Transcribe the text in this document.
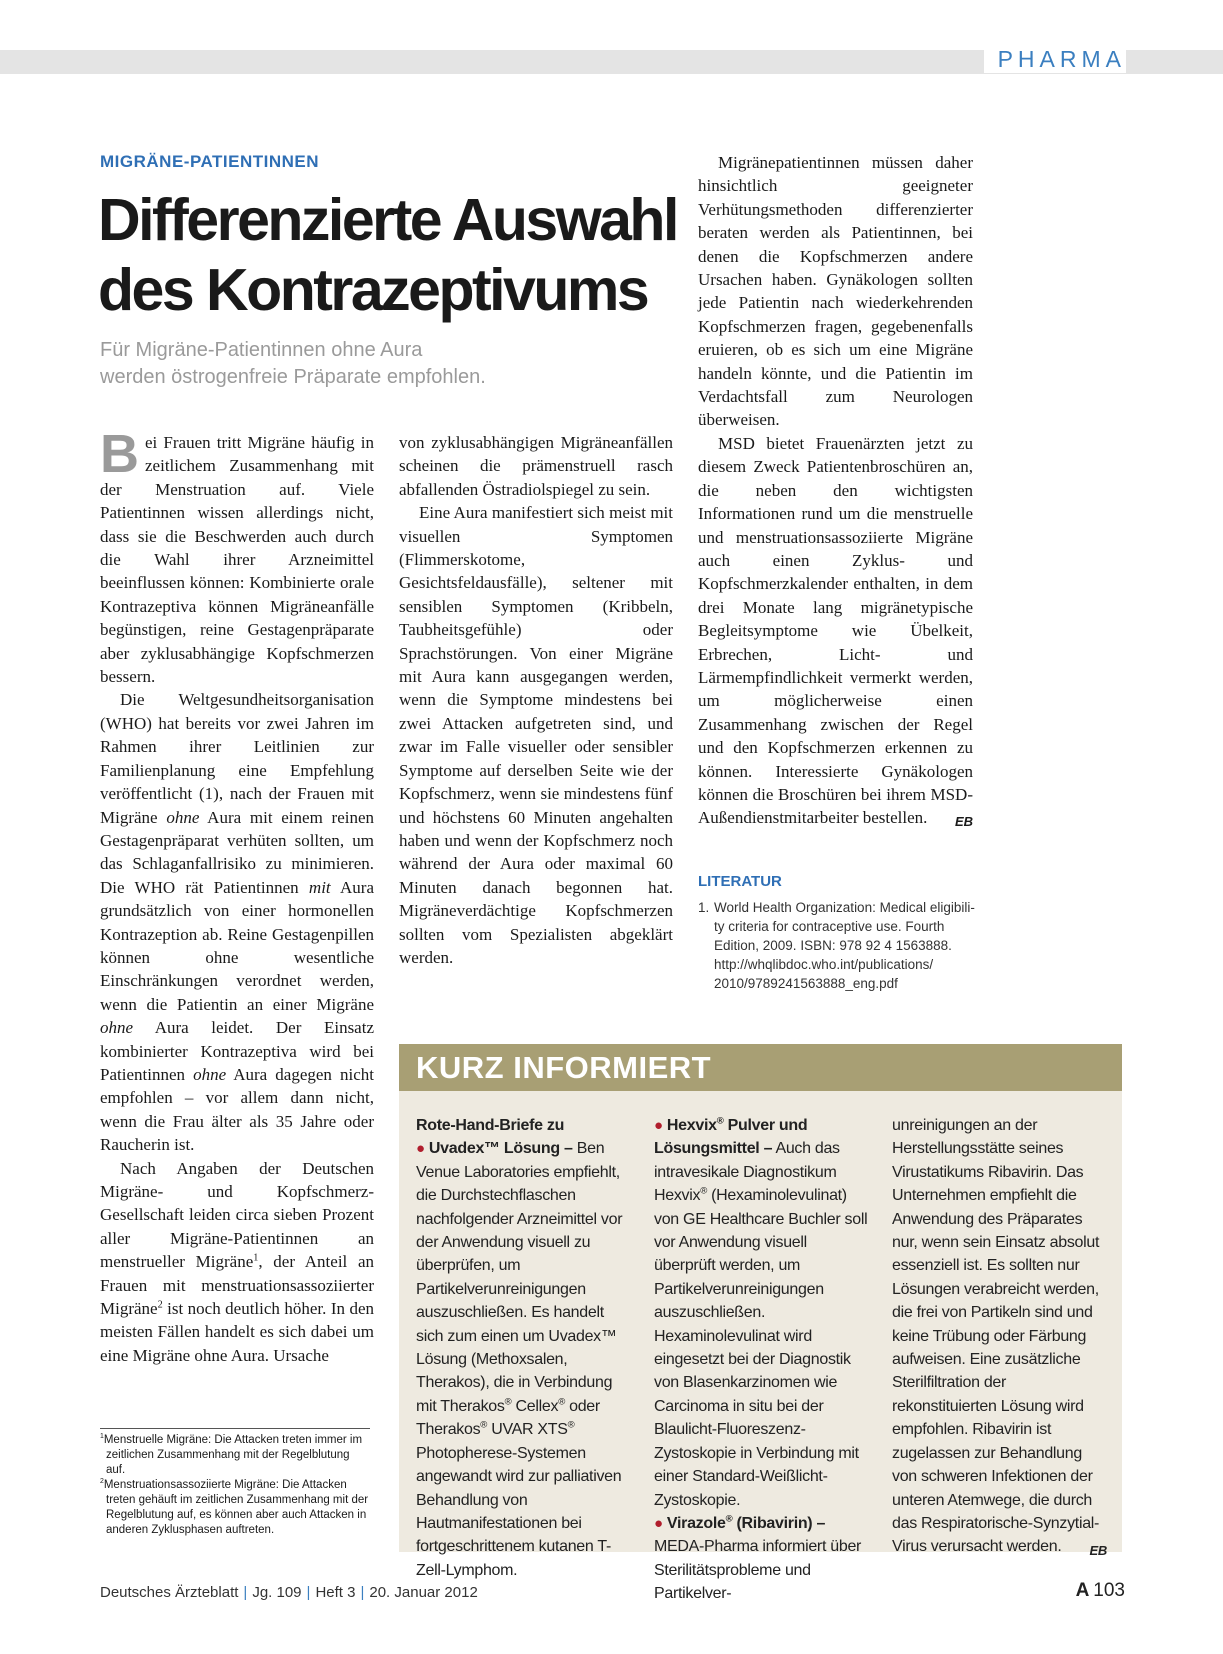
PHARMA
MIGRÄNE-PATIENTINNEN
Differenzierte Auswahl
des Kontrazeptivums
Für Migräne-Patientinnen ohne Aura
werden östrogenfreie Präparate empfohlen.

Bei Frauen tritt Migräne häufig in zeitlichem Zusammenhang mit der Menstruation auf. Viele Patientinnen wissen allerdings nicht, dass sie die Beschwerden auch durch die Wahl ihrer Arzneimittel beeinflussen können: Kombinierte orale Kontrazeptiva können Migräneanfälle begünstigen, reine Gestagenpräparate aber zyklusabhängige Kopfschmerzen bessern.

Die Weltgesundheitsorganisation (WHO) hat bereits vor zwei Jahren im Rahmen ihrer Leitlinien zur Familienplanung eine Empfehlung veröffentlicht (1), nach der Frauen mit Migräne ohne Aura mit einem reinen Gestagenpräparat verhüten sollten, um das Schlaganfallrisiko zu minimieren. Die WHO rät Patientinnen mit Aura grundsätzlich von einer hormonellen Kontrazeption ab. Reine Gestagenpillen können ohne wesentliche Einschränkungen verordnet werden, wenn die Patientin an einer Migräne ohne Aura leidet. Der Einsatz kombinierter Kontrazeptiva wird bei Patientinnen ohne Aura dagegen nicht empfohlen – vor allem dann nicht, wenn die Frau älter als 35 Jahre oder Raucherin ist.

Nach Angaben der Deutschen Migräne- und Kopfschmerz-Gesellschaft leiden circa sieben Prozent aller Migräne-Patientinnen an menstrueller Migräne$^1$, der Anteil an Frauen mit menstruationsassoziierter Migräne$^2$ ist noch deutlich höher. In den meisten Fällen handelt es sich dabei um eine Migräne ohne Aura. Ursache

von zyklusabhängigen Migräneanfällen scheinen die prämenstruell rasch abfallenden Östradiolspiegel zu sein.

Eine Aura manifestiert sich meist mit visuellen Symptomen (Flimmerskotome, Gesichtsfeldausfälle), seltener mit sensiblen Symptomen (Kribbeln, Taubheitsgefühle) oder Sprachstörungen. Von einer Migräne mit Aura kann ausgegangen werden, wenn die Symptome mindestens bei zwei Attacken aufgetreten sind, und zwar im Falle visueller oder sensibler Symptome auf derselben Seite wie der Kopfschmerz, wenn sie mindestens fünf und höchstens 60 Minuten angehalten haben und wenn der Kopfschmerz noch während der Aura oder maximal 60 Minuten danach begonnen hat. Migräneverdächtige Kopfschmerzen sollten vom Spezialisten abgeklärt werden.

Migränepatientinnen müssen daher hinsichtlich geeigneter Verhütungsmethoden differenzierter beraten werden als Patientinnen, bei denen die Kopfschmerzen andere Ursachen haben. Gynäkologen sollten jede Patientin nach wiederkehrenden Kopfschmerzen fragen, gegebenenfalls eruieren, ob es sich um eine Migräne handeln könnte, und die Patientin im Verdachtsfall zum Neurologen überweisen.

MSD bietet Frauenärzten jetzt zu diesem Zweck Patientenbroschüren an, die neben den wichtigsten Informationen rund um die menstruelle und menstruationsassoziierte Migräne auch einen Zyklus- und Kopfschmerzkalender enthalten, in dem drei Monate lang migränetypische Begleitsymptome wie Übelkeit, Erbrechen, Licht- und Lärmempfindlichkeit vermerkt werden, um möglicherweise einen Zusammenhang zwischen der Regel und den Kopfschmerzen erkennen zu können. Interessierte Gynäkologen können die Broschüren bei ihrem MSD-Außendienstmitarbeiter bestellen.	EB

LITERATUR
1. World Health Organization: Medical eligibili-
ty criteria for contraceptive use. Fourth
Edition, 2009. ISBN: 978 92 4 1563888.
http://whqlibdoc.who.int/publications/
2010/9789241563888_eng.pdf
$^1$Menstruelle Migräne: Die Attacken treten immer im zeitlichen Zusammenhang mit der Regelblutung auf.
$^2$Menstruationsassoziierte Migräne: Die Attacken treten gehäuft im zeitlichen Zusammenhang mit der Regelblutung auf, es können aber auch Attacken in anderen Zyklusphasen auftreten.
KURZ INFORMIERT

Rote-Hand-Briefe zu

● Uvadex™ Lösung – Ben Venue Laboratories empfiehlt, die Durchstechflaschen nachfolgender Arzneimittel vor der Anwendung visuell zu überprüfen, um Partikelverunreinigungen auszuschließen. Es handelt sich zum einen um Uvadex™ Lösung (Methoxsalen, Therakos), die in Verbindung mit Therakos® Cellex® oder Therakos® UVAR XTS® Photopherese-Systemen angewandt wird zur palliativen Behandlung von Hautmanifestationen bei fortgeschrittenem kutanen T-Zell-Lymphom.

● Hexvix® Pulver und Lösungsmittel – Auch das intravesikale Diagnostikum Hexvix® (Hexaminolevulinat) von GE Healthcare Buchler soll vor Anwendung visuell überprüft werden, um Partikelverunreinigungen auszuschließen. Hexaminolevulinat wird eingesetzt bei der Diagnostik von Blasenkarzinomen wie Carcinoma in situ bei der Blaulicht-Fluoreszenz-Zystoskopie in Verbindung mit einer Standard-Weißlicht-Zystoskopie.

● Virazole® (Ribavirin) – MEDA-Pharma informiert über Sterilitätsprobleme und Partikelver-

unreinigungen an der Herstellungsstätte seines Virustatikums Ribavirin. Das Unternehmen empfiehlt die Anwendung des Präparates nur, wenn sein Einsatz absolut essenziell ist. Es sollten nur Lösungen verabreicht werden, die frei von Partikeln sind und keine Trübung oder Färbung aufweisen. Eine zusätzliche Sterilfiltration der rekonstituierten Lösung wird empfohlen. Ribavirin ist zugelassen zur Behandlung von schweren Infektionen der unteren Atemwege, die durch das Respiratorische-Synzytial-Virus verursacht werden. EB

Deutsches Ärzteblatt | Jg. 109 | Heft 3 | 20. Januar 2012	A 103
